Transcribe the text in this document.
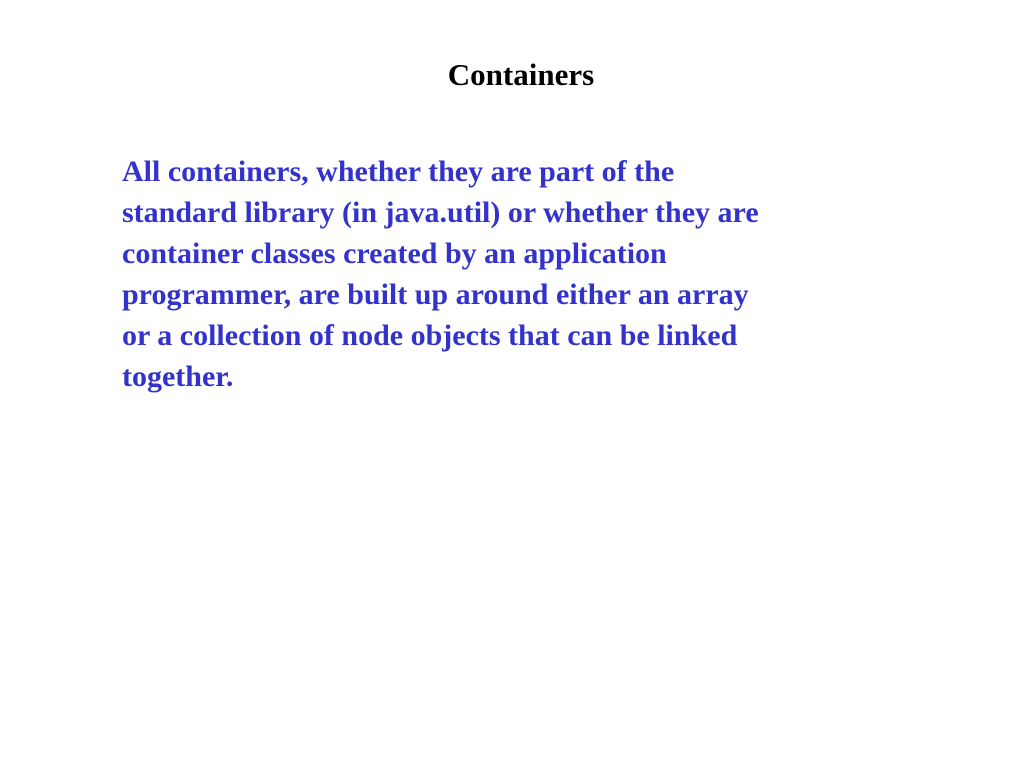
Containers
All containers, whether they are part of the
standard library (in java.util) or whether they are
container classes created by an application
programmer, are built up around either an array
or a collection of node objects that can be linked
together.
